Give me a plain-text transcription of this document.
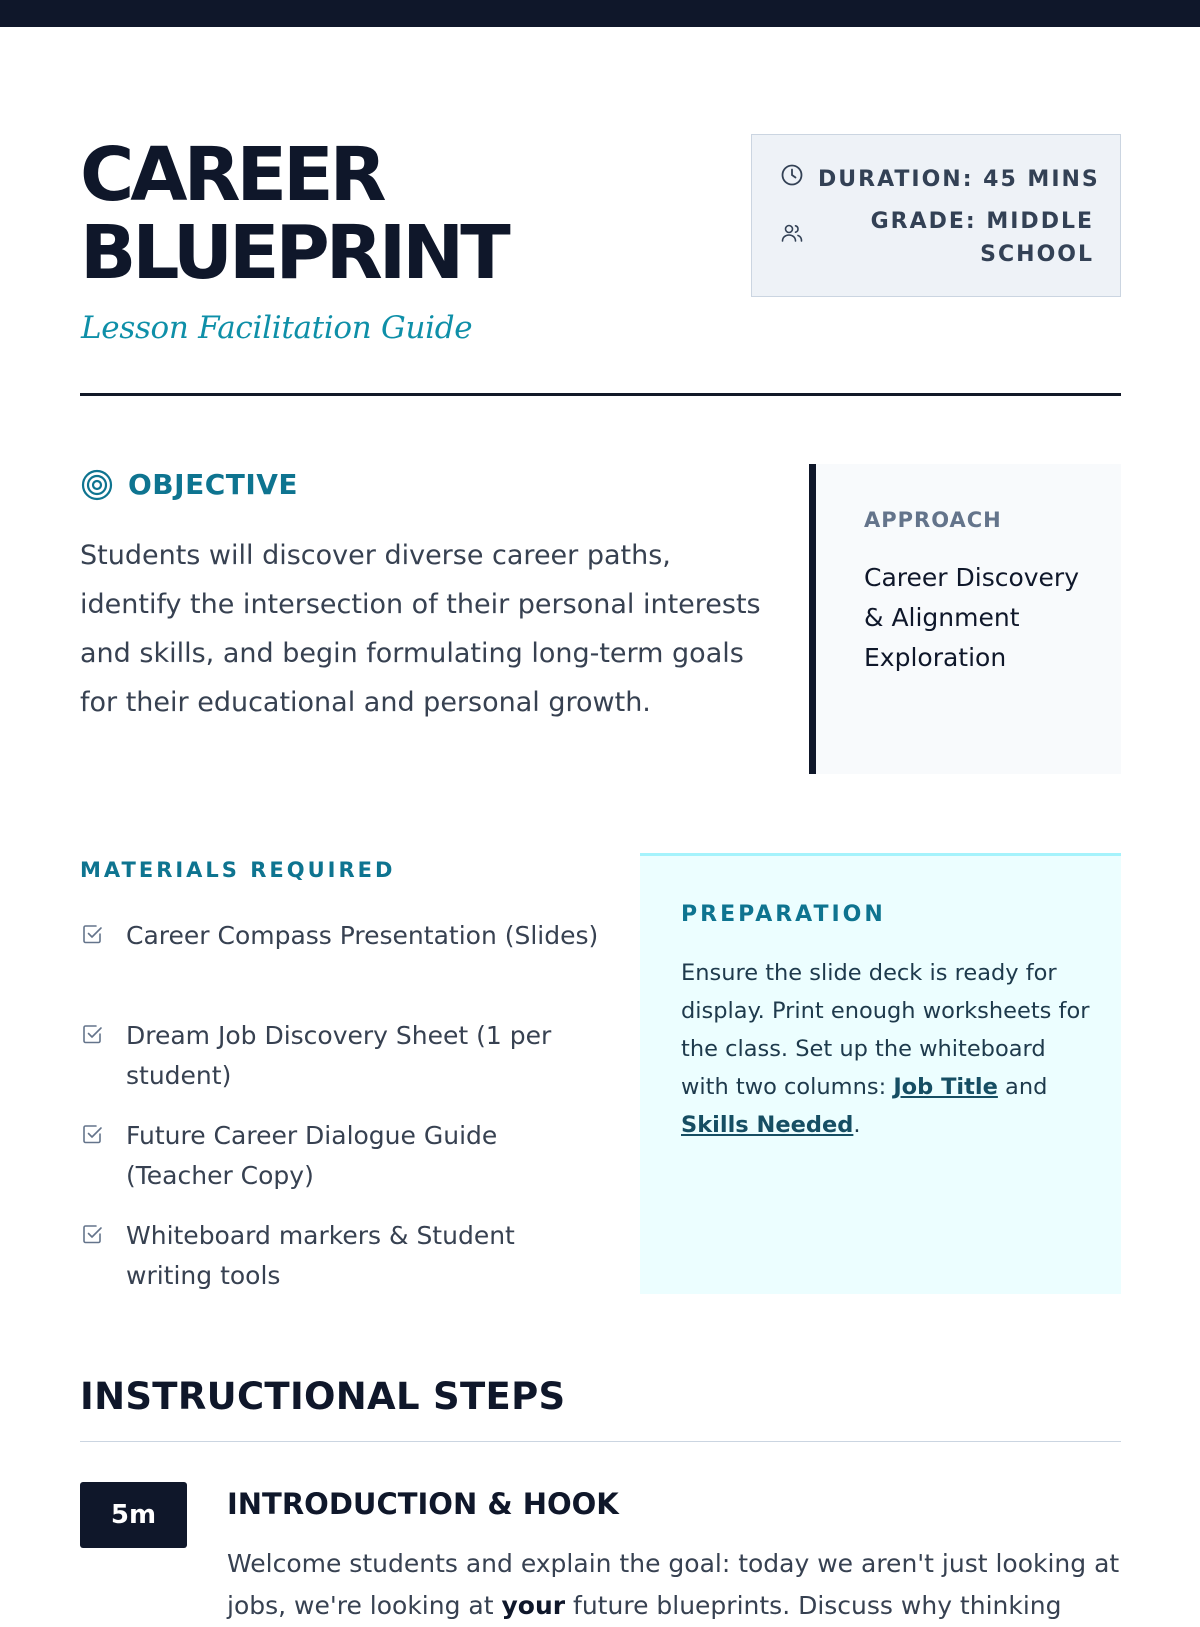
CAREER
BLUEPRINT
Lesson Facilitation Guide
DURATION: 45 MINS
GRADE: MIDDLE
SCHOOL
OBJECTIVE
Students will discover diverse career paths, identify the intersection of their personal interests and skills, and begin formulating long-term goals for their educational and personal growth.
APPROACH
Career Discovery & Alignment Exploration
MATERIALS REQUIRED
Career Compass Presentation (Slides)
Dream Job Discovery Sheet (1 per student)
Future Career Dialogue Guide (Teacher Copy)
Whiteboard markers & Student writing tools
PREPARATION
Ensure the slide deck is ready for display. Print enough worksheets for the class. Set up the whiteboard with two columns: Job Title and Skills Needed.
INSTRUCTIONAL STEPS
5m	INTRODUCTION & HOOK
Welcome students and explain the goal: today we aren't just looking at jobs, we're looking at your future blueprints. Discuss why thinking
